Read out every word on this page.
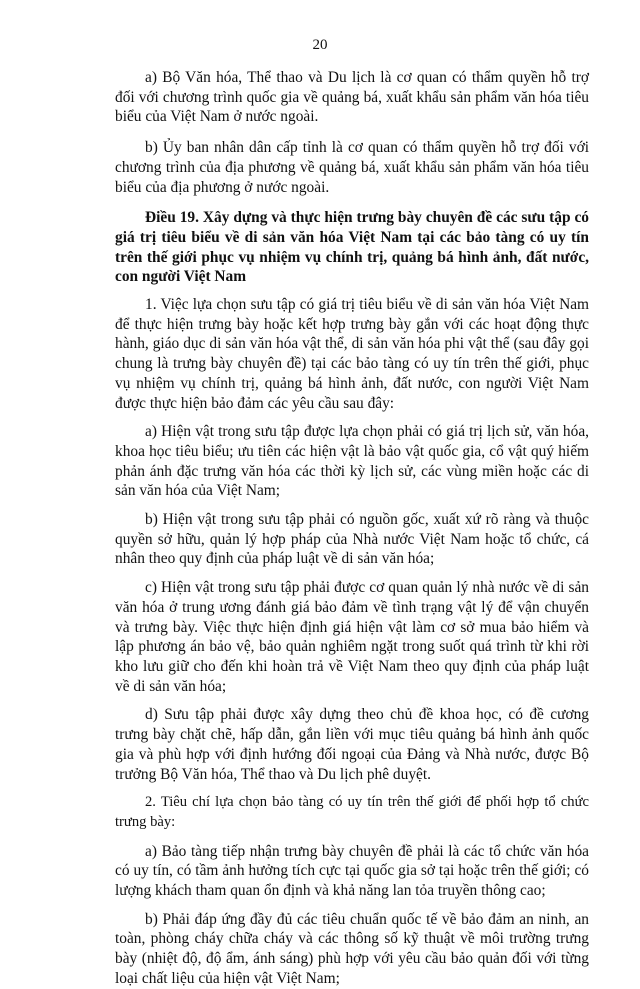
20

a) Bộ Văn hóa, Thể thao và Du lịch là cơ quan có thẩm quyền hỗ trợ đối với chương trình quốc gia về quảng bá, xuất khẩu sản phẩm văn hóa tiêu biểu của Việt Nam ở nước ngoài.

b) Ủy ban nhân dân cấp tỉnh là cơ quan có thẩm quyền hỗ trợ đối với chương trình của địa phương về quảng bá, xuất khẩu sản phẩm văn hóa tiêu biểu của địa phương ở nước ngoài.

Điều 19. Xây dựng và thực hiện trưng bày chuyên đề các sưu tập có giá trị tiêu biểu về di sản văn hóa Việt Nam tại các bảo tàng có uy tín trên thế giới phục vụ nhiệm vụ chính trị, quảng bá hình ảnh, đất nước, con người Việt Nam

1. Việc lựa chọn sưu tập có giá trị tiêu biểu về di sản văn hóa Việt Nam để thực hiện trưng bày hoặc kết hợp trưng bày gắn với các hoạt động thực hành, giáo dục di sản văn hóa vật thể, di sản văn hóa phi vật thể (sau đây gọi chung là trưng bày chuyên đề) tại các bảo tàng có uy tín trên thế giới, phục vụ nhiệm vụ chính trị, quảng bá hình ảnh, đất nước, con người Việt Nam được thực hiện bảo đảm các yêu cầu sau đây:

a) Hiện vật trong sưu tập được lựa chọn phải có giá trị lịch sử, văn hóa, khoa học tiêu biểu; ưu tiên các hiện vật là bảo vật quốc gia, cổ vật quý hiếm phản ánh đặc trưng văn hóa các thời kỳ lịch sử, các vùng miền hoặc các di sản văn hóa của Việt Nam;

b) Hiện vật trong sưu tập phải có nguồn gốc, xuất xứ rõ ràng và thuộc quyền sở hữu, quản lý hợp pháp của Nhà nước Việt Nam hoặc tổ chức, cá nhân theo quy định của pháp luật về di sản văn hóa;

c) Hiện vật trong sưu tập phải được cơ quan quản lý nhà nước về di sản văn hóa ở trung ương đánh giá bảo đảm về tình trạng vật lý để vận chuyển và trưng bày. Việc thực hiện định giá hiện vật làm cơ sở mua bảo hiểm và lập phương án bảo vệ, bảo quản nghiêm ngặt trong suốt quá trình từ khi rời kho lưu giữ cho đến khi hoàn trả về Việt Nam theo quy định của pháp luật về di sản văn hóa;

d) Sưu tập phải được xây dựng theo chủ đề khoa học, có đề cương trưng bày chặt chẽ, hấp dẫn, gắn liền với mục tiêu quảng bá hình ảnh quốc gia và phù hợp với định hướng đối ngoại của Đảng và Nhà nước, được Bộ trưởng Bộ Văn hóa, Thể thao và Du lịch phê duyệt.

2. Tiêu chí lựa chọn bảo tàng có uy tín trên thế giới để phối hợp tổ chức trưng bày:

a) Bảo tàng tiếp nhận trưng bày chuyên đề phải là các tổ chức văn hóa có uy tín, có tầm ảnh hưởng tích cực tại quốc gia sở tại hoặc trên thế giới; có lượng khách tham quan ổn định và khả năng lan tỏa truyền thông cao;

b) Phải đáp ứng đầy đủ các tiêu chuẩn quốc tế về bảo đảm an ninh, an toàn, phòng cháy chữa cháy và các thông số kỹ thuật về môi trường trưng bày (nhiệt độ, độ ẩm, ánh sáng) phù hợp với yêu cầu bảo quản đối với từng loại chất liệu của hiện vật Việt Nam;
